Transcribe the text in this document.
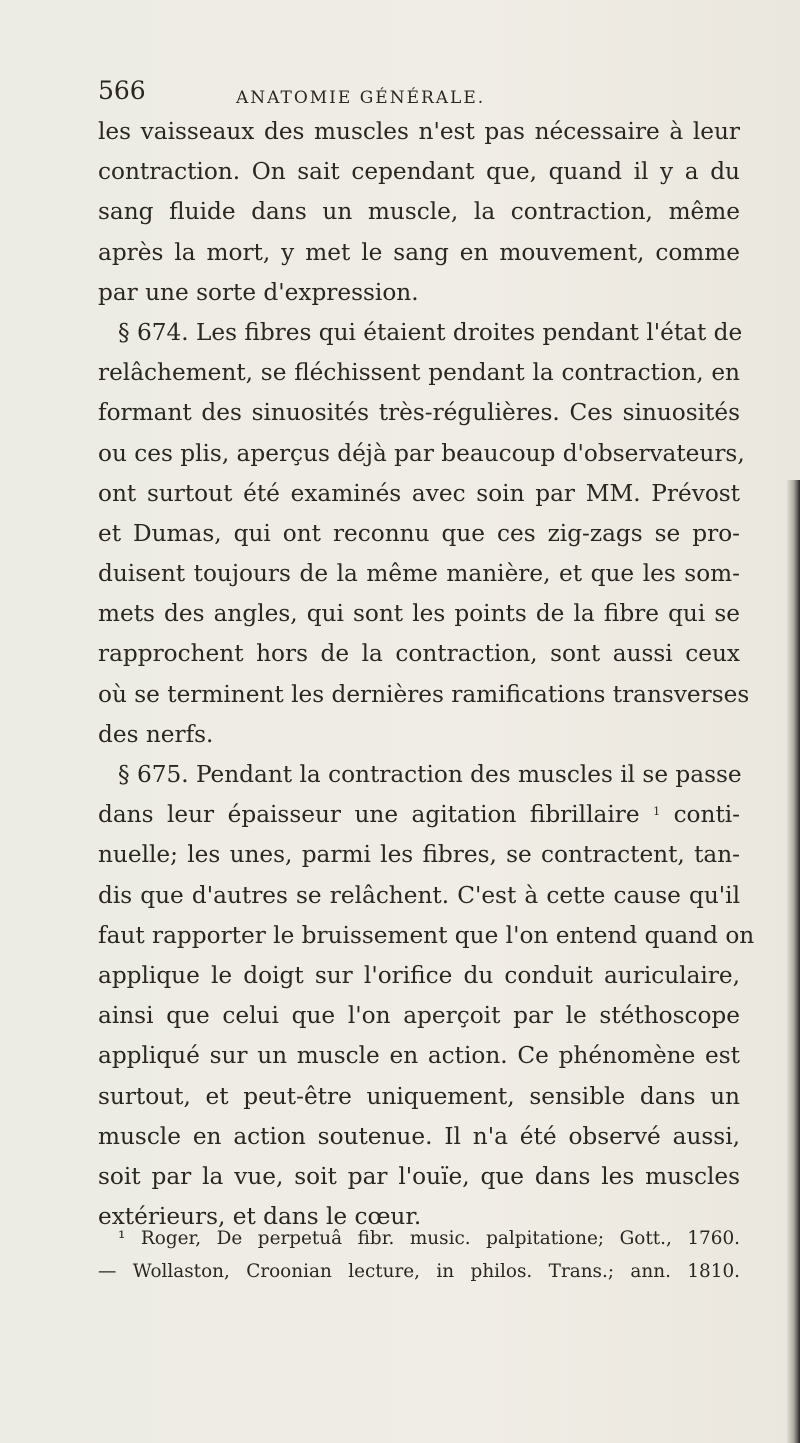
566	ANATOMIE GÉNÉRALE.
les vaisseaux des muscles n'est pas nécessaire à leur
contraction. On sait cependant que, quand il y a du
sang fluide dans un muscle, la contraction, même
après la mort, y met le sang en mouvement, comme
par une sorte d'expression.
§ 674. Les fibres qui étaient droites pendant l'état de
relâchement, se fléchissent pendant la contraction, en
formant des sinuosités très-régulières. Ces sinuosités
ou ces plis, aperçus déjà par beaucoup d'observateurs,
ont surtout été examinés avec soin par MM. Prévost
et Dumas, qui ont reconnu que ces zig-zags se pro-
duisent toujours de la même manière, et que les som-
mets des angles, qui sont les points de la fibre qui se
rapprochent hors de la contraction, sont aussi ceux
où se terminent les dernières ramifications transverses
des nerfs.
§ 675. Pendant la contraction des muscles il se passe
dans leur épaisseur une agitation fibrillaire $^1$ conti-
nuelle; les unes, parmi les fibres, se contractent, tan-
dis que d'autres se relâchent. C'est à cette cause qu'il
faut rapporter le bruissement que l'on entend quand on
applique le doigt sur l'orifice du conduit auriculaire,
ainsi que celui que l'on aperçoit par le stéthoscope
appliqué sur un muscle en action. Ce phénomène est
surtout, et peut-être uniquement, sensible dans un
muscle en action soutenue. Il n'a été observé aussi,
soit par la vue, soit par l'ouïe, que dans les muscles
extérieurs, et dans le cœur.
¹ Roger, De perpetuâ fibr. music. palpitatione; Gott., 1760.
— Wollaston, Croonian lecture, in philos. Trans.; ann. 1810.
